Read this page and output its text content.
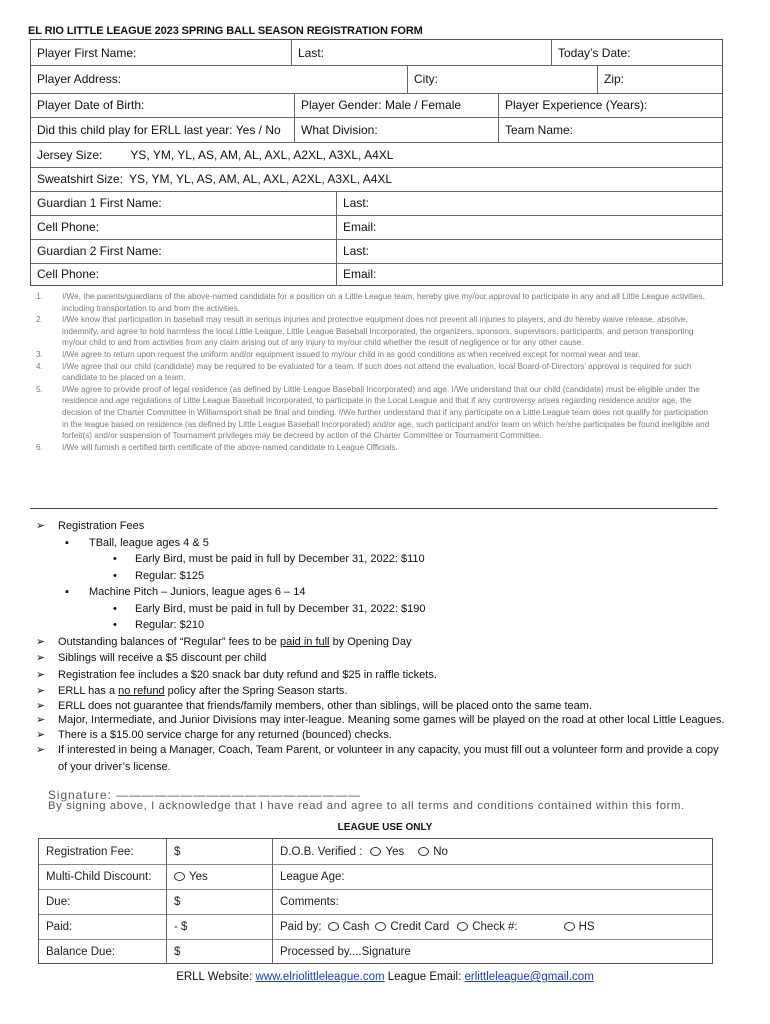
EL RIO LITTLE LEAGUE 2023 SPRING BALL SEASON REGISTRATION FORM
Player First Name:	Last:	Today’s Date:
Player Address:	City:	Zip:
Player Date of Birth:	Player Gender: Male / Female	Player Experience (Years):
Did this child play for ERLL last year: Yes / No	What Division:	Team Name:
Jersey Size: YS, YM, YL, AS, AM, AL, AXL, A2XL, A3XL, A4XL
Sweatshirt Size: YS, YM, YL, AS, AM, AL, AXL, A2XL, A3XL, A4XL
Guardian 1 First Name:	Last:
Cell Phone:	Email:
Guardian 2 First Name:	Last:
Cell Phone:	Email:
1.	I/We, the parents/guardians of the above-named candidate for a position on a Little League team, hereby give my/our approval to participate in any and all Little League activities, including transportation to and from the activities.
2.	I/We know that participation in baseball may result in serious injuries and protective equipment does not prevent all injuries to players, and do hereby waive release, absolve, indemnify, and agree to hold harmless the local Little League, Little League Baseball Incorporated, the organizers, sponsors, supervisors, participants, and person transporting my/our child to and from activities from any claim arising out of any injury to my/our child whether the result of negligence or for any other cause.
3.	I/We agree to return upon request the uniform and/or equipment issued to my/our child in as good conditions as when received except for normal wear and tear.
4.	I/We agree that our child (candidate) may be required to be evaluated for a team. If such does not attend the evaluation, local Board-of-Directors’ approval is required for such candidate to be placed on a team.
5.	I/We agree to provide proof of legal residence (as defined by Little League Baseball Incorporated) and age. I/We understand that our child (candidate) must be eligible under the residence and age regulations of Little League Baseball Incorporated, to participate in the Local League and that if any controversy arises regarding residence and/or age, the decision of the Charter Committee in Williamsport shall be final and binding. I/We further understand that if any participate on a Little League team does not qualify for participation in the league based on residence (as defined by Little League Baseball Incorporated) and/or age, such participant and/or team on which he/she participates be found ineligible and forfeit(s) and/or suspension of Tournament privileges may be decreed by action of the Charter Committee or Tournament Committee.
6.	I/We will furnish a certified birth certificate of the above-named candidate to League Officials.
➢	Registration Fees
▪	TBall, league ages 4 & 5
•	Early Bird, must be paid in full by December 31, 2022: $110
•	Regular: $125
▪	Machine Pitch – Juniors, league ages 6 – 14
•	Early Bird, must be paid in full by December 31, 2022: $190
•	Regular: $210
➢	Outstanding balances of “Regular” fees to be paid in full by Opening Day
➢	Siblings will receive a $5 discount per child
➢	Registration fee includes a $20 snack bar duty refund and $25 in raffle tickets.
➢	ERLL has a no refund policy after the Spring Season starts.
➢	ERLL does not guarantee that friends/family members, other than siblings, will be placed onto the same team.
➢	Major, Intermediate, and Junior Divisions may inter-league. Meaning some games will be played on the road at other local Little Leagues.
➢	There is a $15.00 service charge for any returned (bounced) checks.
➢	If interested in being a Manager, Coach, Team Parent, or volunteer in any capacity, you must fill out a volunteer form and provide a copy of your driver’s license.
Signature: ———————————————————
By signing above, I acknowledge that I have read and agree to all terms and conditions contained within this form.
LEAGUE USE ONLY
Registration Fee:	$	D.O.B. Verified : Yes	No
Multi-Child Discount:	Yes	League Age:
Due:	$	Comments:
Paid:	- $	Paid by: Cash Credit Card Check #:	HS
Balance Due:	$	Processed by....Signature
ERLL Website: www.elriolittleleague.com League Email: erlittleleague@gmail.com
